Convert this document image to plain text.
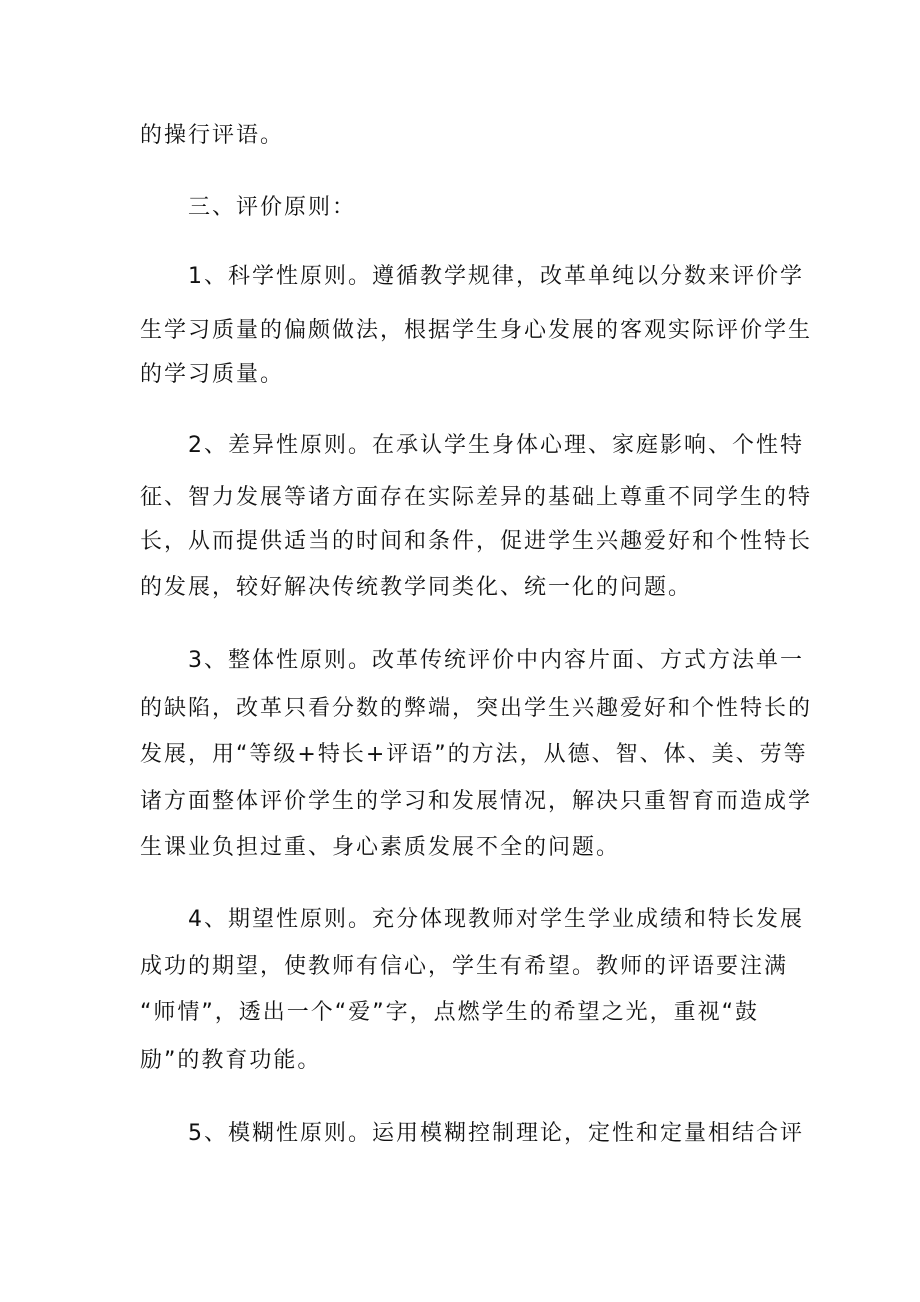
的操行评语。
三、评价原则：
1、科学性原则。遵循教学规律，改革单纯以分数来评价学
生学习质量的偏颇做法，根据学生身心发展的客观实际评价学生
的学习质量。
2、差异性原则。在承认学生身体心理、家庭影响、个性特
征、智力发展等诸方面存在实际差异的基础上尊重不同学生的特
长，从而提供适当的时间和条件，促进学生兴趣爱好和个性特长
的发展，较好解决传统教学同类化、统一化的问题。
3、整体性原则。改革传统评价中内容片面、方式方法单一
的缺陷，改革只看分数的弊端，突出学生兴趣爱好和个性特长的
发展，用“等级+特长+评语”的方法，从德、智、体、美、劳等
诸方面整体评价学生的学习和发展情况，解决只重智育而造成学
生课业负担过重、身心素质发展不全的问题。
4、期望性原则。充分体现教师对学生学业成绩和特长发展
成功的期望，使教师有信心，学生有希望。教师的评语要注满
“师情”，透出一个“爱”字，点燃学生的希望之光，重视“鼓
励”的教育功能。
5、模糊性原则。运用模糊控制理论，定性和定量相结合评
